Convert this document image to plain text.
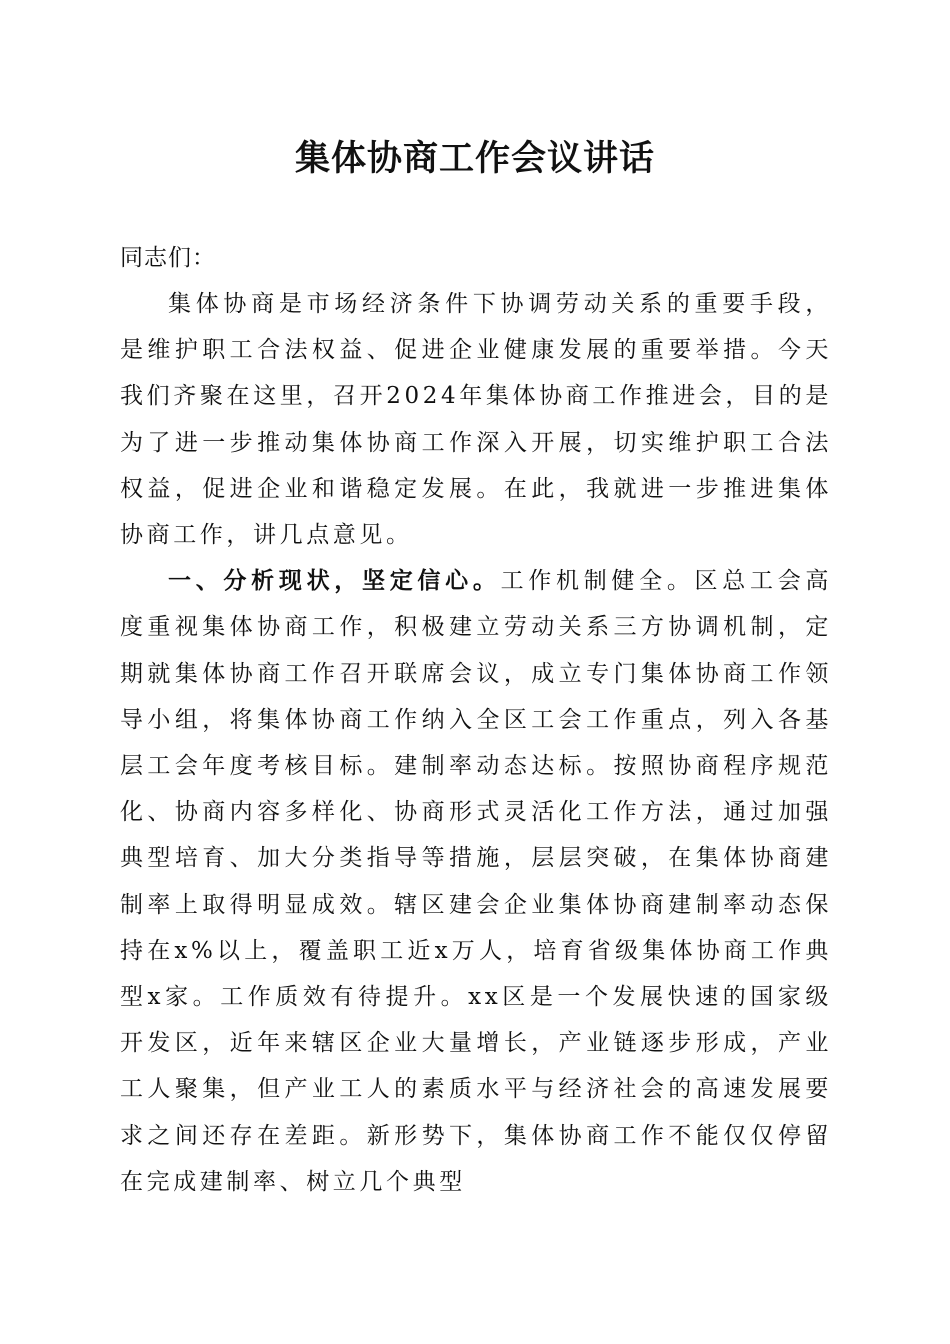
集体协商工作会议讲话

同志们：

集体协商是市场经济条件下协调劳动关系的重要手段，是维护职工合法权益、促进企业健康发展的重要举措。今天我们齐聚在这里，召开2024年集体协商工作推进会，目的是为了进一步推动集体协商工作深入开展，切实维护职工合法权益，促进企业和谐稳定发展。在此，我就进一步推进集体协商工作，讲几点意见。

一、分析现状，坚定信心。工作机制健全。区总工会高度重视集体协商工作，积极建立劳动关系三方协调机制，定期就集体协商工作召开联席会议，成立专门集体协商工作领导小组，将集体协商工作纳入全区工会工作重点，列入各基层工会年度考核目标。建制率动态达标。按照协商程序规范化、协商内容多样化、协商形式灵活化工作方法，通过加强典型培育、加大分类指导等措施，层层突破，在集体协商建制率上取得明显成效。辖区建会企业集体协商建制率动态保持在x%以上，覆盖职工近x万人，培育省级集体协商工作典型x家。工作质效有待提升。xx区是一个发展快速的国家级开发区，近年来辖区企业大量增长，产业链逐步形成，产业工人聚集，但产业工人的素质水平与经济社会的高速发展要求之间还存在差距。新形势下，集体协商工作不能仅仅停留在完成建制率、树立几个典型
